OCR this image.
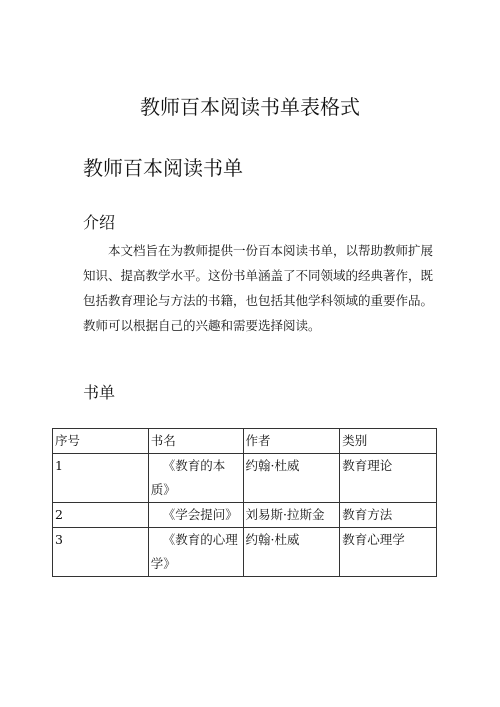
教师百本阅读书单表格式
教师百本阅读书单
介绍

本文档旨在为教师提供一份百本阅读书单，以帮助教师扩展知识、提高教学水平。这份书单涵盖了不同领域的经典著作，既包括教育理论与方法的书籍，也包括其他学科领域的重要作品。教师可以根据自己的兴趣和需要选择阅读。

书单
序号	书名	作者	类别
1	《教育的本质》	约翰·杜威	教育理论
2	《学会提问》	刘易斯·拉斯金	教育方法
3	《教育的心理学》	约翰·杜威	教育心理学
